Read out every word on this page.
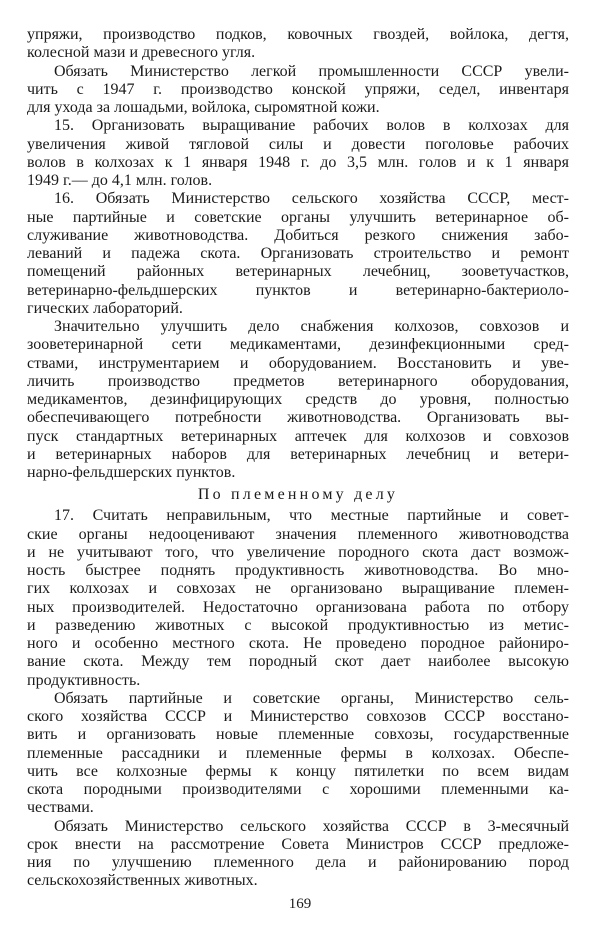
упряжи, производство подков, ковочных гвоздей, войлока, дегтя,
колесной мази и древесного угля.
Обязать Министерство легкой промышленности СССР увели-
чить с 1947 г. производство конской упряжи, седел, инвентаря
для ухода за лошадьми, войлока, сыромятной кожи.
15. Организовать выращивание рабочих волов в колхозах для
увеличения живой тягловой силы и довести поголовье рабочих
волов в колхозах к 1 января 1948 г. до 3,5 млн. голов и к 1 января
1949 г.— до 4,1 млн. голов.
16. Обязать Министерство сельского хозяйства СССР, мест-
ные партийные и советские органы улучшить ветеринарное об-
служивание животноводства. Добиться резкого снижения забо-
леваний и падежа скота. Организовать строительство и ремонт
помещений районных ветеринарных лечебниц, зооветучастков,
ветеринарно-фельдшерских пунктов и ветеринарно-бактериоло-
гических лабораторий.
Значительно улучшить дело снабжения колхозов, совхозов и
зооветеринарной сети медикаментами, дезинфекционными сред-
ствами, инструментарием и оборудованием. Восстановить и уве-
личить производство предметов ветеринарного оборудования,
медикаментов, дезинфицирующих средств до уровня, полностью
обеспечивающего потребности животноводства. Организовать вы-
пуск стандартных ветеринарных аптечек для колхозов и совхозов
и ветеринарных наборов для ветеринарных лечебниц и ветери-
нарно-фельдшерских пунктов.
По племенному делу
17. Считать неправильным, что местные партийные и совет-
ские органы недооценивают значения племенного животноводства
и не учитывают того, что увеличение породного скота даст возмож-
ность быстрее поднять продуктивность животноводства. Во мно-
гих колхозах и совхозах не организовано выращивание племен-
ных производителей. Недостаточно организована работа по отбору
и разведению животных с высокой продуктивностью из метис-
ного и особенно местного скота. Не проведено породное райониро-
вание скота. Между тем породный скот дает наиболее высокую
продуктивность.
Обязать партийные и советские органы, Министерство сель-
ского хозяйства СССР и Министерство совхозов СССР восстано-
вить и организовать новые племенные совхозы, государственные
племенные рассадники и племенные фермы в колхозах. Обеспе-
чить все колхозные фермы к концу пятилетки по всем видам
скота породными производителями с хорошими племенными ка-
чествами.
Обязать Министерство сельского хозяйства СССР в 3-месячный
срок внести на рассмотрение Совета Министров СССР предложе-
ния по улучшению племенного дела и районированию пород
сельскохозяйственных животных.
169
